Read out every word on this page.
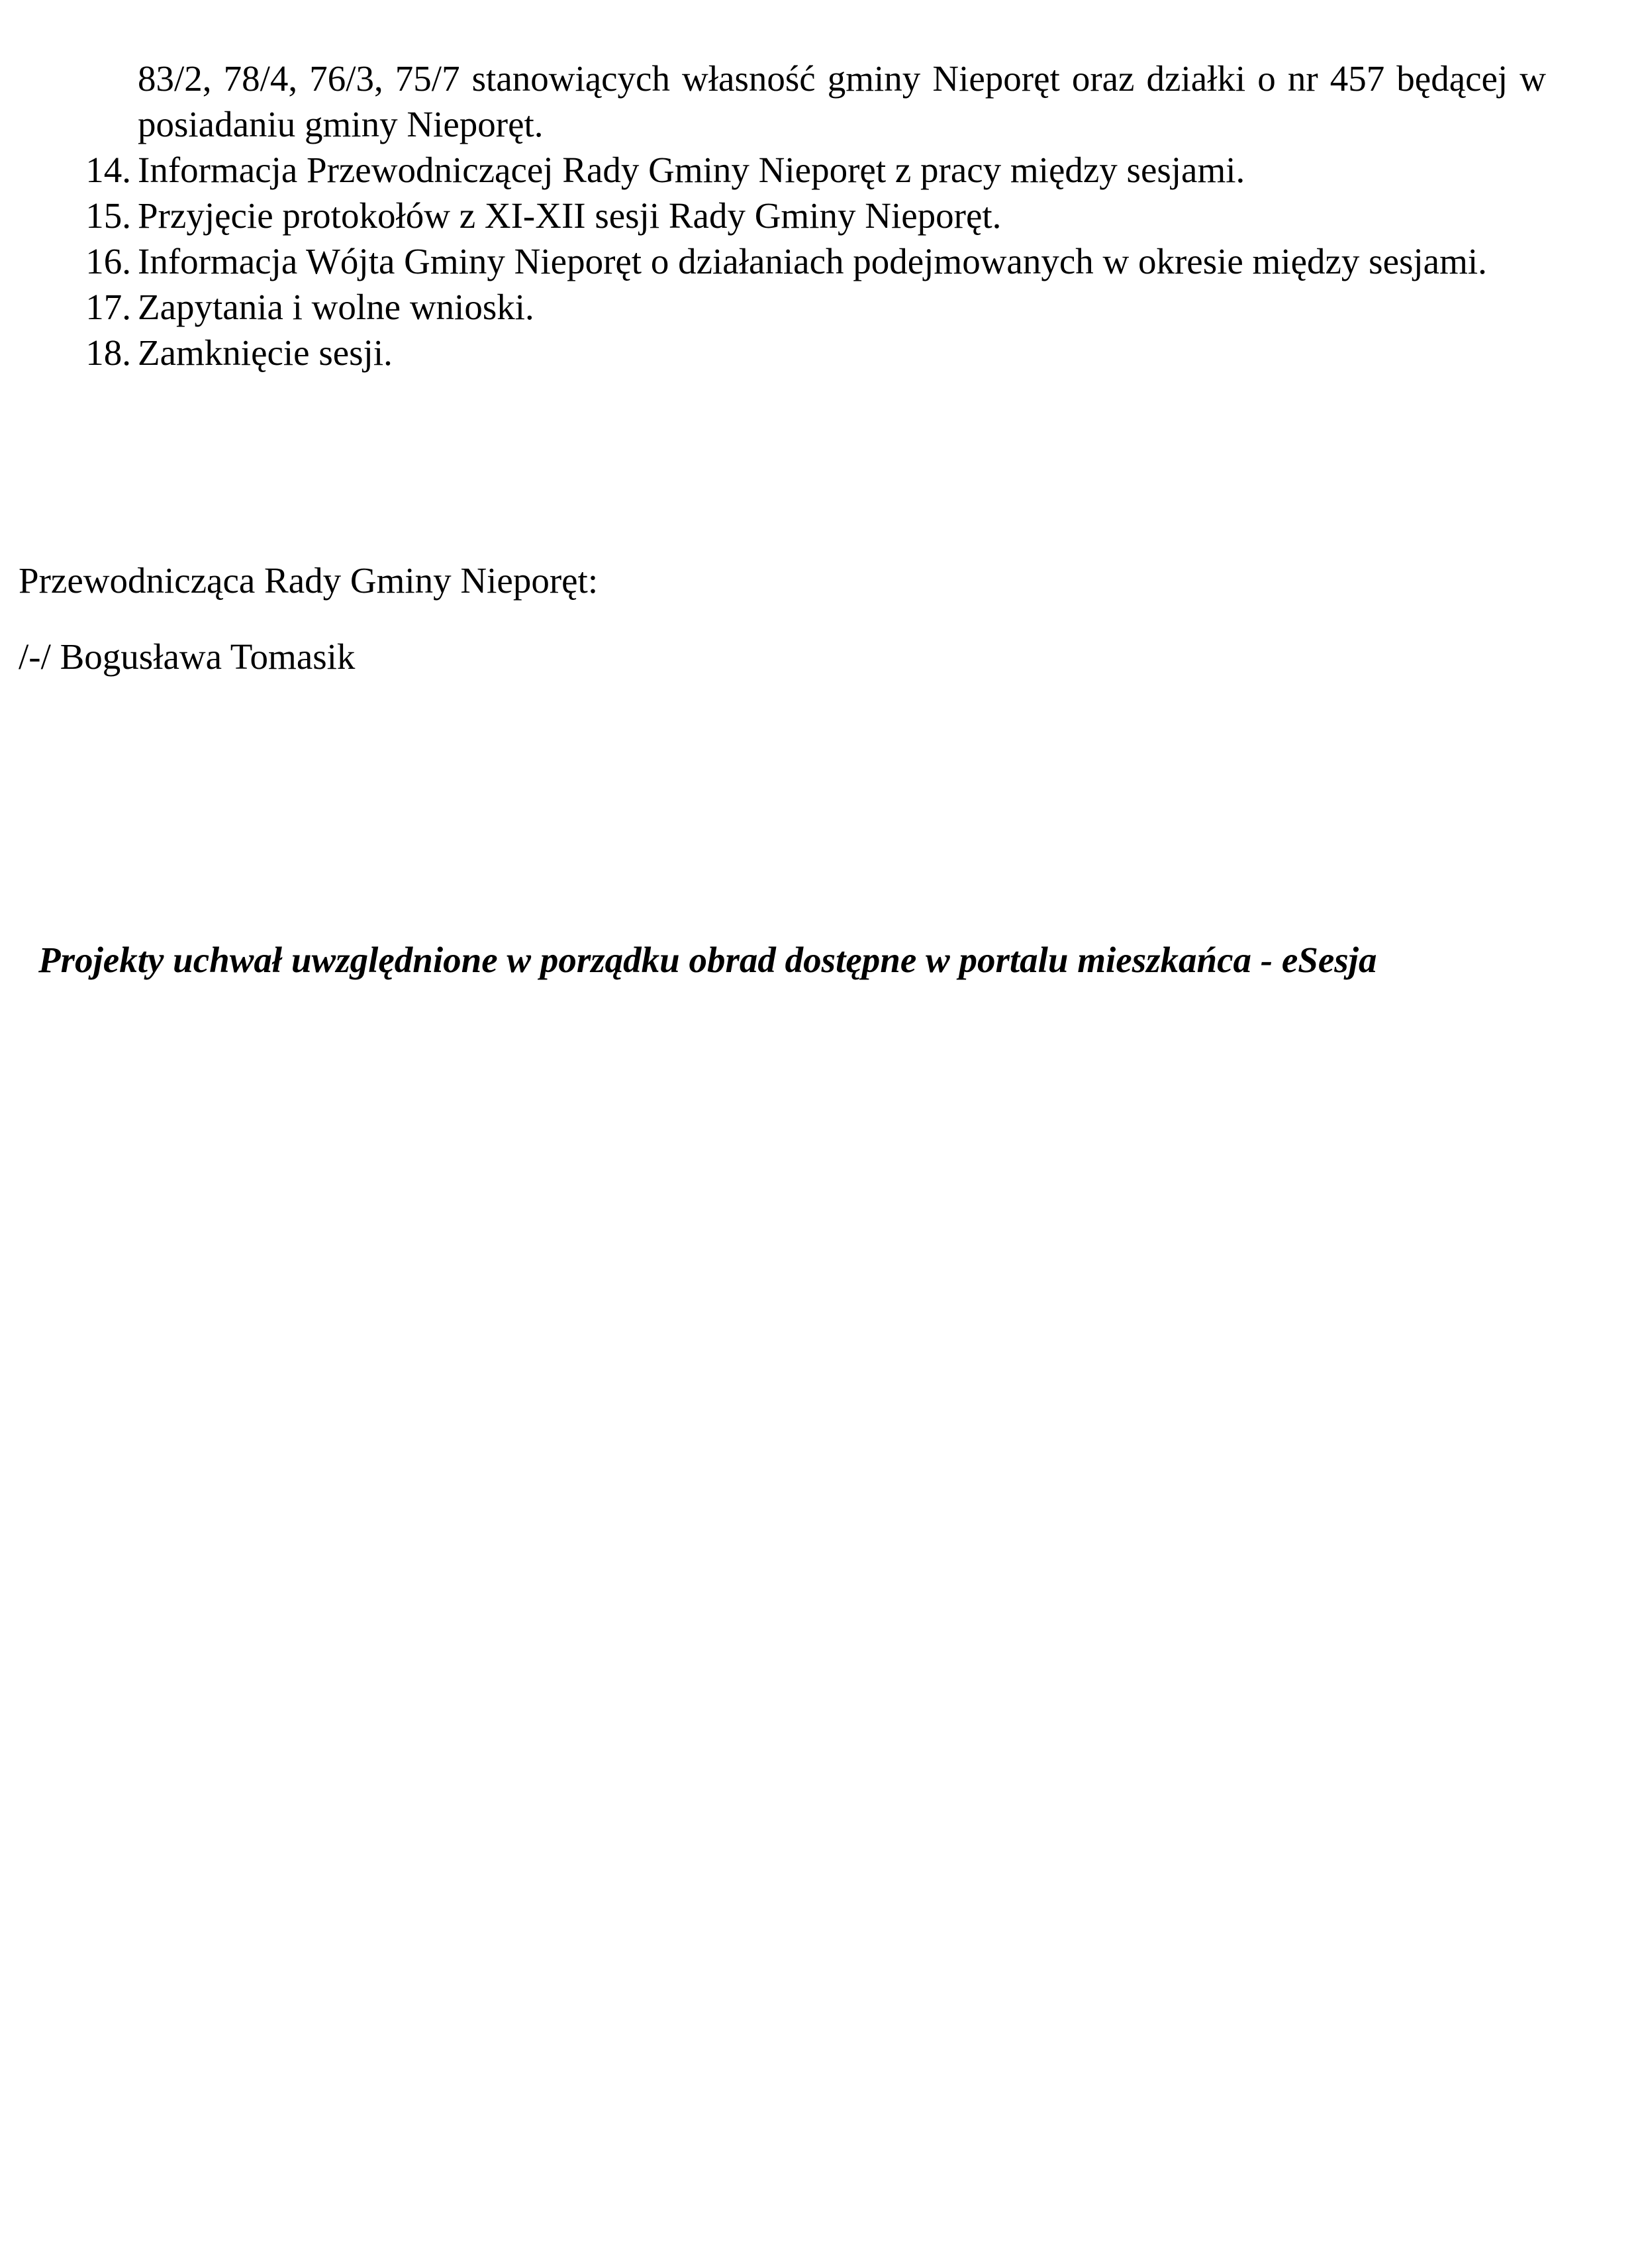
83/2, 78/4, 76/3, 75/7 stanowiących własność gminy Nieporęt oraz działki o nr 457 będącej w posiadaniu gminy Nieporęt.
14. Informacja Przewodniczącej Rady Gminy Nieporęt z pracy między sesjami.
15. Przyjęcie protokołów z XI-XII sesji Rady Gminy Nieporęt.
16. Informacja Wójta Gminy Nieporęt o działaniach podejmowanych w okresie między sesjami.
17. Zapytania i wolne wnioski.
18. Zamknięcie sesji.

Przewodnicząca Rady Gminy Nieporęt:

/-/ Bogusława Tomasik

Projekty uchwał uwzględnione w porządku obrad dostępne w portalu mieszkańca - eSesja
